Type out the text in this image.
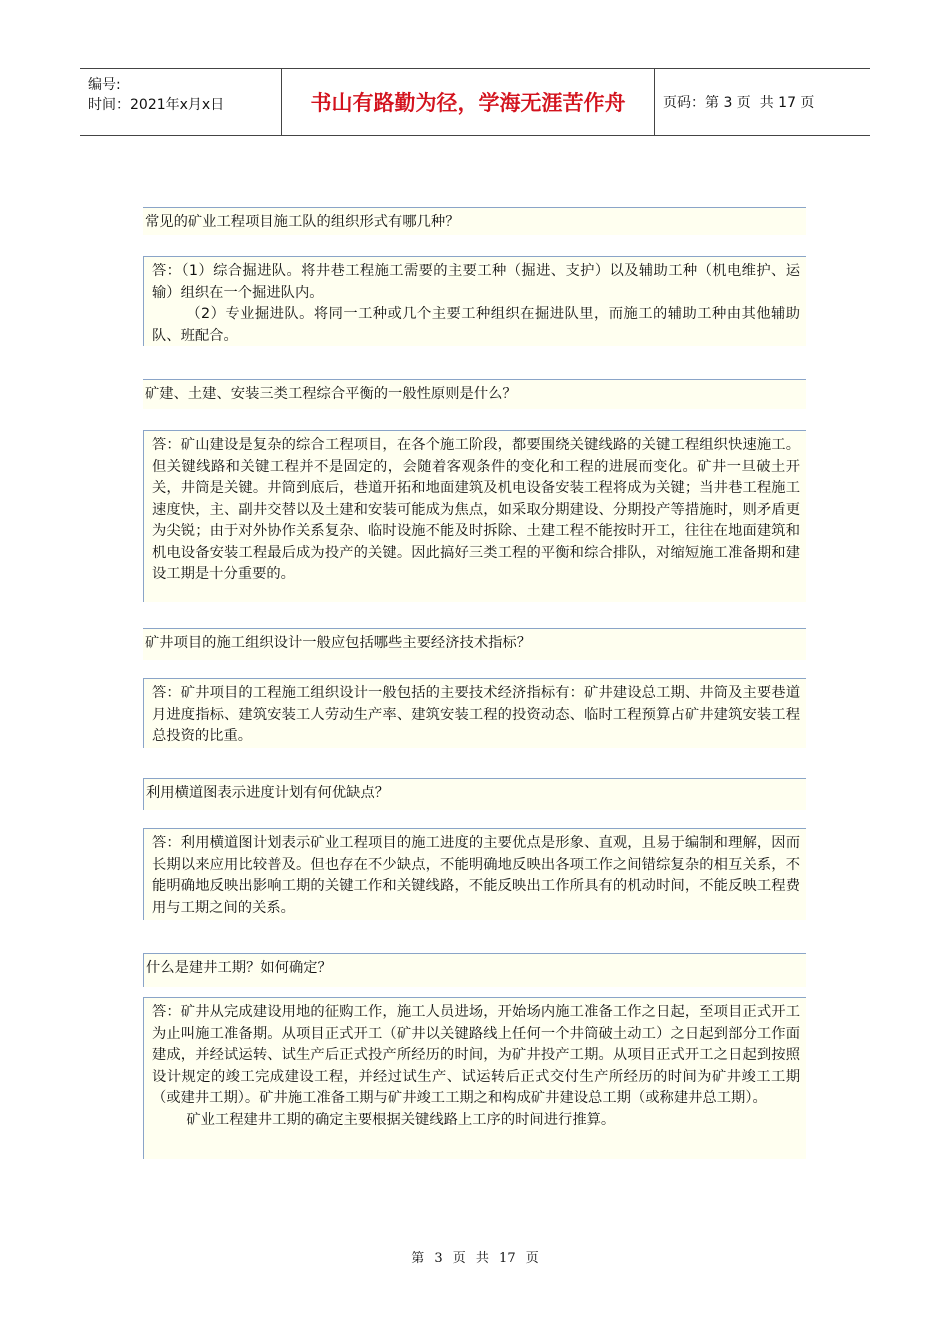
编号:
时间：2021年x月x日	书山有路勤为径，学海无涯苦作舟	页码：第 3 页  共 17 页
常见的矿业工程项目施工队的组织形式有哪几种？

答：（1）综合掘进队。将井巷工程施工需要的主要工种（掘进、支护）以及辅助工种（机电维护、运输）组织在一个掘进队内。

（2）专业掘进队。将同一工种或几个主要工种组织在掘进队里，而施工的辅助工种由其他辅助队、班配合。

矿建、土建、安装三类工程综合平衡的一般性原则是什么？

答：矿山建设是复杂的综合工程项目，在各个施工阶段，都要围绕关键线路的关键工程组织快速施工。但关键线路和关键工程并不是固定的，会随着客观条件的变化和工程的进展而变化。矿井一旦破土开关，井筒是关键。井筒到底后，巷道开拓和地面建筑及机电设备安装工程将成为关键；当井巷工程施工速度快，主、副井交替以及土建和安装可能成为焦点，如采取分期建设、分期投产等措施时，则矛盾更为尖锐；由于对外协作关系复杂、临时设施不能及时拆除、土建工程不能按时开工，往往在地面建筑和机电设备安装工程最后成为投产的关键。因此搞好三类工程的平衡和综合排队，对缩短施工准备期和建设工期是十分重要的。

矿井项目的施工组织设计一般应包括哪些主要经济技术指标？

答：矿井项目的工程施工组织设计一般包括的主要技术经济指标有：矿井建设总工期、井筒及主要巷道月进度指标、建筑安装工人劳动生产率、建筑安装工程的投资动态、临时工程预算占矿井建筑安装工程总投资的比重。

利用横道图表示进度计划有何优缺点？

答：利用横道图计划表示矿业工程项目的施工进度的主要优点是形象、直观，且易于编制和理解，因而长期以来应用比较普及。但也存在不少缺点，不能明确地反映出各项工作之间错综复杂的相互关系，不能明确地反映出影响工期的关键工作和关键线路，不能反映出工作所具有的机动时间，不能反映工程费用与工期之间的关系。

什么是建井工期？如何确定？

答：矿井从完成建设用地的征购工作，施工人员进场，开始场内施工准备工作之日起，至项目正式开工为止叫施工准备期。从项目正式开工（矿井以关键路线上任何一个井筒破土动工）之日起到部分工作面建成，并经试运转、试生产后正式投产所经历的时间，为矿井投产工期。从项目正式开工之日起到按照设计规定的竣工完成建设工程，并经过试生产、试运转后正式交付生产所经历的时间为矿井竣工工期（或建井工期）。矿井施工准备工期与矿井竣工工期之和构成矿井建设总工期（或称建井总工期）。

矿业工程建井工期的确定主要根据关键线路上工序的时间进行推算。

第 3 页 共 17 页
